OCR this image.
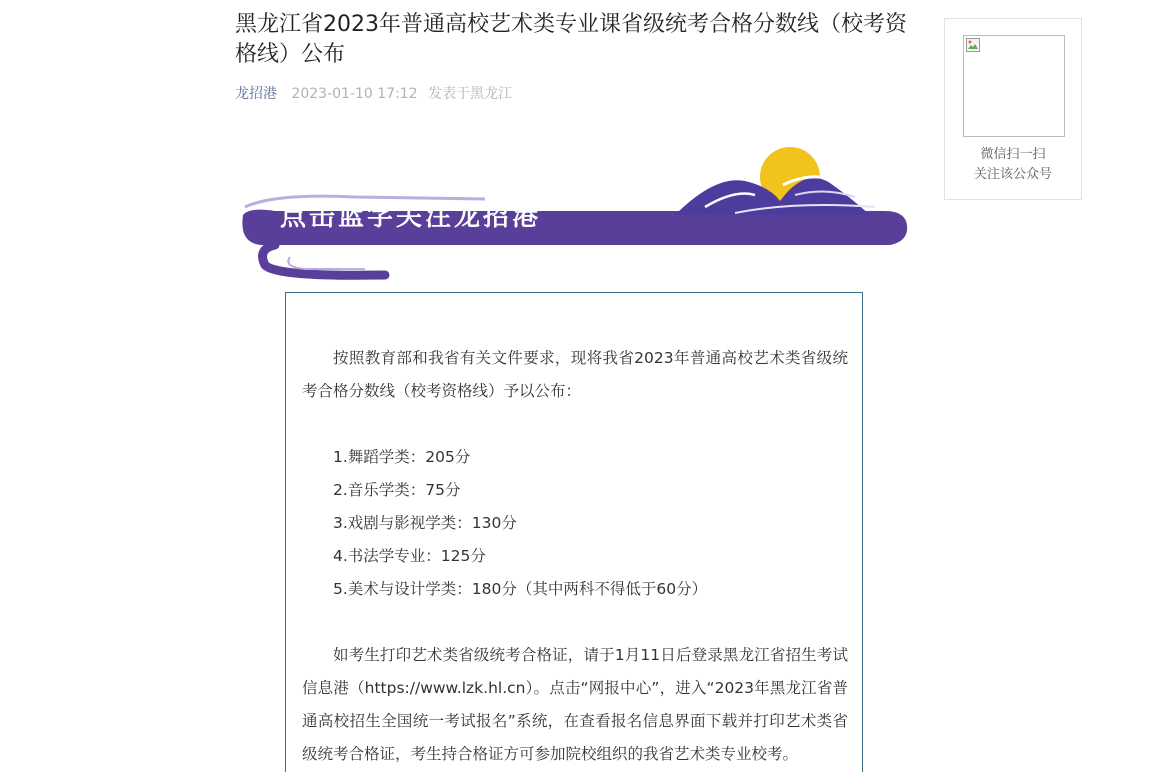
黑龙江省2023年普通高校艺术类专业课省级统考合格分数线（校考资格线）公布
龙招港 2023-01-10 17:12 发表于黑龙江
点击蓝字关注龙招港
微信扫一扫
关注该公众号

按照教育部和我省有关文件要求，现将我省2023年普通高校艺术类省级统考合格分数线（校考资格线）予以公布：

1.舞蹈学类：205分
2.音乐学类：75分
3.戏剧与影视学类：130分
4.书法学专业：125分
5.美术与设计学类：180分（其中两科不得低于60分）

如考生打印艺术类省级统考合格证，请于1月11日后登录黑龙江省招生考试信息港（https://www.lzk.hl.cn）。点击“网报中心”，进入“2023年黑龙江省普通高校招生全国统一考试报名”系统，在查看报名信息界面下载并打印艺术类省级统考合格证，考生持合格证方可参加院校组织的我省艺术类专业校考。
